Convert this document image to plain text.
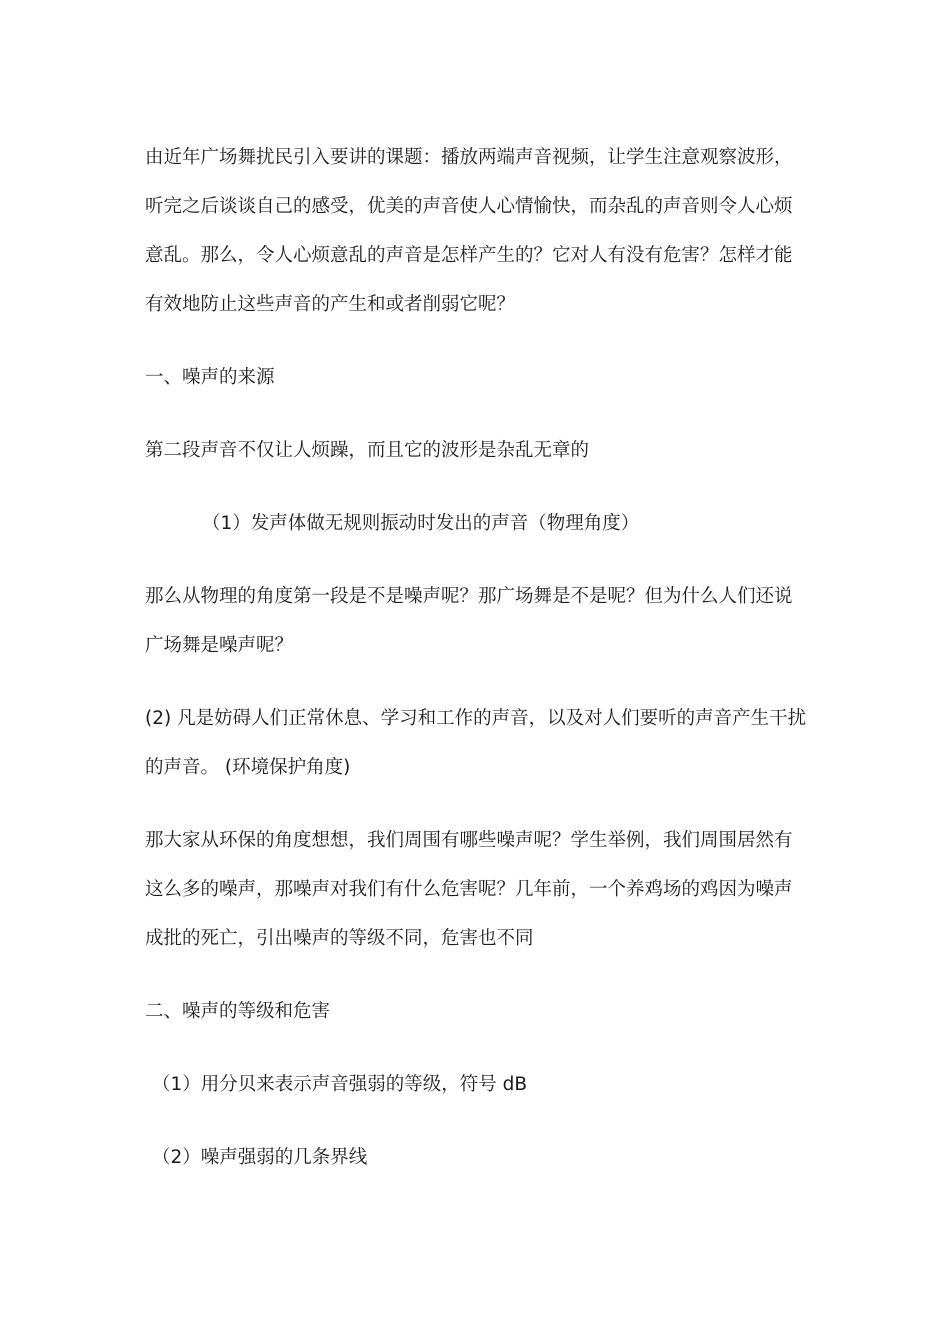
由近年广场舞扰民引入要讲的课题：播放两端声音视频，让学生注意观察波形，听完之后谈谈自己的感受，优美的声音使人心情愉快，而杂乱的声音则令人心烦意乱。那么，令人心烦意乱的声音是怎样产生的？它对人有没有危害？怎样才能有效地防止这些声音的产生和或者削弱它呢？

一、噪声的来源

第二段声音不仅让人烦躁，而且它的波形是杂乱无章的

（1）发声体做无规则振动时发出的声音（物理角度）

那么从物理的角度第一段是不是噪声呢？那广场舞是不是呢？但为什么人们还说广场舞是噪声呢？

(2) 凡是妨碍人们正常休息、学习和工作的声音，以及对人们要听的声音产生干扰的声音。 (环境保护角度)

那大家从环保的角度想想，我们周围有哪些噪声呢？学生举例，我们周围居然有这么多的噪声，那噪声对我们有什么危害呢？几年前，一个养鸡场的鸡因为噪声成批的死亡，引出噪声的等级不同，危害也不同

二、噪声的等级和危害

（1）用分贝来表示声音强弱的等级，符号 dB

（2）噪声强弱的几条界线
